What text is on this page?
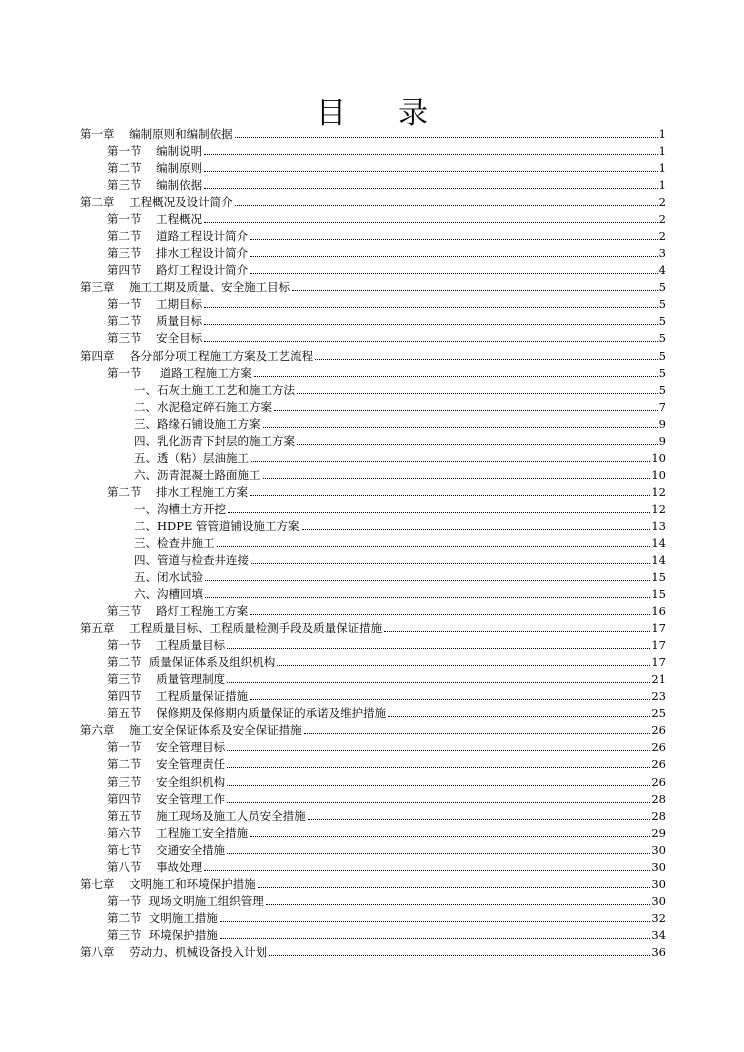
目录
第一章    编制原则和编制依据	1
第一节    编制说明	1
第二节    编制原则	1
第三节    编制依据	1
第二章    工程概况及设计简介	2
第一节    工程概况	2
第二节    道路工程设计简介	2
第三节    排水工程设计简介	3
第四节    路灯工程设计简介	4
第三章    施工工期及质量、安全施工目标	5
第一节    工期目标	5
第二节    质量目标	5
第三节    安全目标	5
第四章    各分部分项工程施工方案及工艺流程	5
第一节     道路工程施工方案	5
一、石灰土施工工艺和施工方法	5
二、水泥稳定碎石施工方案	7
三、路缘石铺设施工方案	9
四、乳化沥青下封层的施工方案	9
五、透（粘）层油施工	10
六、沥青混凝土路面施工	10
第二节    排水工程施工方案	12
一、沟槽土方开挖	12
二、HDPE 管管道铺设施工方案	13
三、检查井施工	14
四、管道与检查井连接	14
五、闭水试验	15
六、沟槽回填	15
第三节    路灯工程施工方案	16
第五章    工程质量目标、工程质量检测手段及质量保证措施	17
第一节    工程质量目标	17
第二节  质量保证体系及组织机构	17
第三节    质量管理制度	21
第四节    工程质量保证措施	23
第五节    保修期及保修期内质量保证的承诺及维护措施	25
第六章    施工安全保证体系及安全保证措施	26
第一节    安全管理目标	26
第二节    安全管理责任	26
第三节    安全组织机构	26
第四节    安全管理工作	28
第五节    施工现场及施工人员安全措施	28
第六节    工程施工安全措施	29
第七节    交通安全措施	30
第八节    事故处理	30
第七章    文明施工和环境保护措施	30
第一节  现场文明施工组织管理	30
第二节  文明施工措施	32
第三节  环境保护措施	34
第八章    劳动力、机械设备投入计划	36
